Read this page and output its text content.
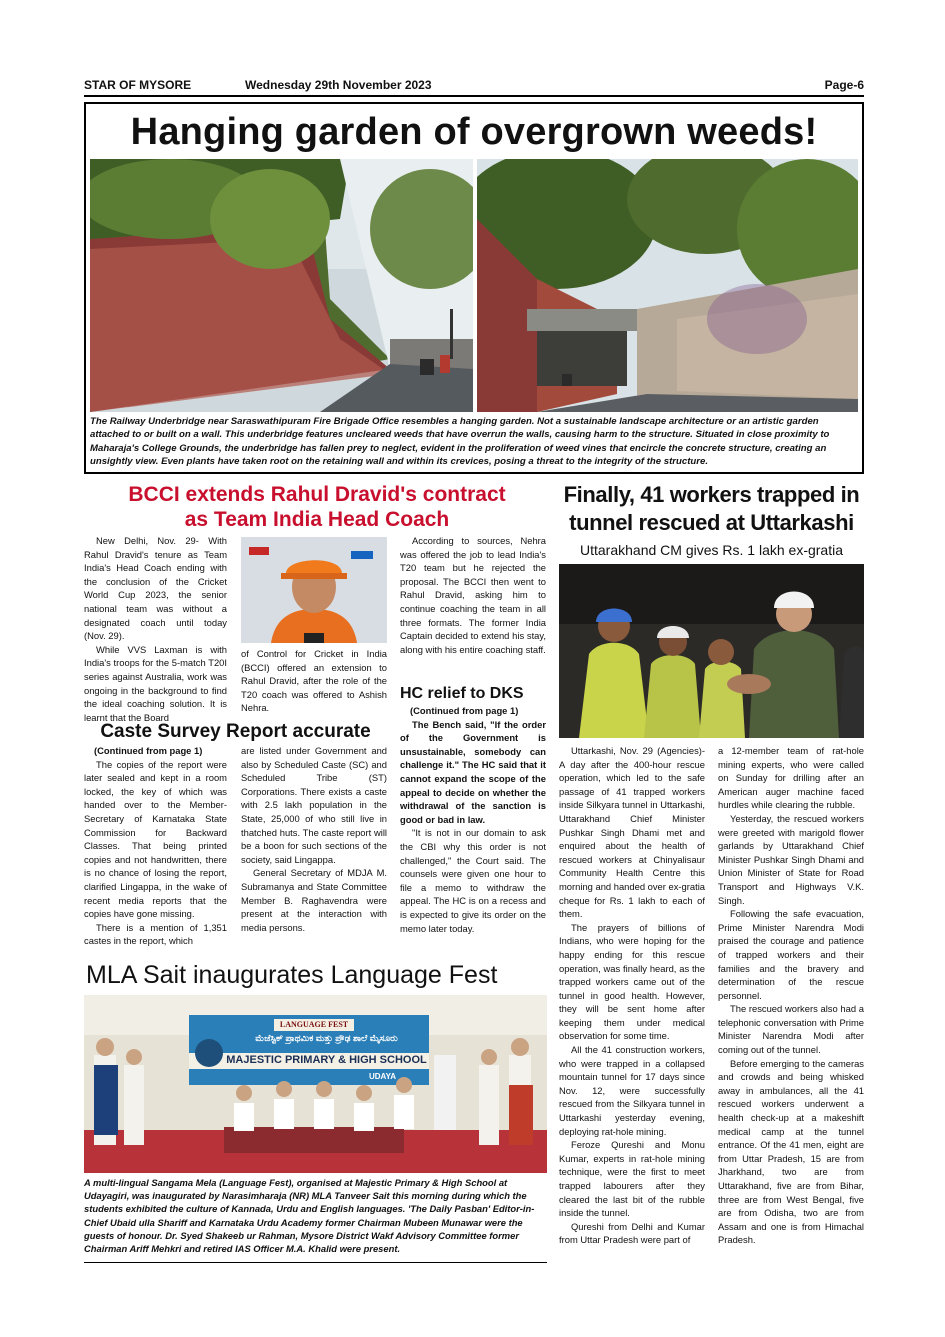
STAR OF MYSORE	Wednesday 29th November 2023	Page-6
Hanging garden of overgrown weeds!
The Railway Underbridge near Saraswathipuram Fire Brigade Office resembles a hanging garden. Not a sustainable landscape architecture or an artistic garden attached to or built on a wall. This underbridge features uncleared weeds that have overrun the walls, causing harm to the structure. Situated in close proximity to Maharaja's College Grounds, the underbridge has fallen prey to neglect, evident in the proliferation of weed vines that encircle the concrete structure, creating an unsightly view. Even plants have taken root on the retaining wall and within its crevices, posing a threat to the integrity of the structure.
BCCI extends Rahul Dravid's contract
as Team India Head Coach

New Delhi, Nov. 29- With Rahul Dravid's tenure as Team India's Head Coach ending with the conclusion of the Cricket World Cup 2023, the senior national team was without a designated coach until today (Nov. 29).

While VVS Laxman is with India's troops for the 5-match T20I series against Australia, work was ongoing in the background to find the ideal coaching solution. It is learnt that the Board

of Control for Cricket in India (BCCI) offered an extension to Rahul Dravid, after the role of the T20 coach was offered to Ashish Nehra.

According to sources, Nehra was offered the job to lead India's T20 team but he rejected the proposal. The BCCI then went to Rahul Dravid, asking him to continue coaching the team in all three formats. The former India Captain decided to extend his stay, along with his entire coaching staff.

Caste Survey Report accurate

(Continued from page 1)

The copies of the report were later sealed and kept in a room locked, the key of which was handed over to the Member-Secretary of Karnataka State Commission for Backward Classes. That being printed copies and not handwritten, there is no chance of losing the report, clarified Lingappa, in the wake of recent media reports that the copies have gone missing.

There is a mention of 1,351 castes in the report, which

are listed under Government and also by Scheduled Caste (SC) and Scheduled Tribe (ST) Corporations. There exists a caste with 2.5 lakh population in the State, 25,000 of who still live in thatched huts. The caste report will be a boon for such sections of the society, said Lingappa.

General Secretary of MDJA M. Subramanya and State Committee Member B. Raghavendra were present at the interaction with media persons.

HC relief to DKS

(Continued from page 1)

The Bench said, "If the order of the Government is unsustainable, somebody can challenge it." The HC said that it cannot expand the scope of the appeal to decide on whether the withdrawal of the sanction is good or bad in law.

"It is not in our domain to ask the CBI why this order is not challenged," the Court said. The counsels were given one hour to file a memo to withdraw the appeal. The HC is on a recess and is expected to give its order on the memo later today.

Finally, 41 workers trapped in
tunnel rescued at Uttarkashi
Uttarakhand CM gives Rs. 1 lakh ex-gratia

Uttarkashi, Nov. 29 (Agencies)- A day after the 400-hour rescue operation, which led to the safe passage of 41 trapped workers inside Silkyara tunnel in Uttarkashi, Uttarakhand Chief Minister Pushkar Singh Dhami met and enquired about the health of rescued workers at Chinyalisaur Community Health Centre this morning and handed over ex-gratia cheque for Rs. 1 lakh to each of them.

The prayers of billions of Indians, who were hoping for the happy ending for this rescue operation, was finally heard, as the trapped workers came out of the tunnel in good health. However, they will be sent home after keeping them under medical observation for some time.

All the 41 construction workers, who were trapped in a collapsed mountain tunnel for 17 days since Nov. 12, were successfully rescued from the Silkyara tunnel in Uttarkashi yesterday evening, deploying rat-hole mining.

Feroze Qureshi and Monu Kumar, experts in rat-hole mining technique, were the first to meet trapped labourers after they cleared the last bit of the rubble inside the tunnel.

Qureshi from Delhi and Kumar from Uttar Pradesh were part of

a 12-member team of rat-hole mining experts, who were called on Sunday for drilling after an American auger machine faced hurdles while clearing the rubble.

Yesterday, the rescued workers were greeted with marigold flower garlands by Uttarakhand Chief Minister Pushkar Singh Dhami and Union Minister of State for Road Transport and Highways V.K. Singh.

Following the safe evacuation, Prime Minister Narendra Modi praised the courage and patience of trapped workers and their families and the bravery and determination of the rescue personnel.

The rescued workers also had a telephonic conversation with Prime Minister Narendra Modi after coming out of the tunnel.

Before emerging to the cameras and crowds and being whisked away in ambulances, all the 41 rescued workers underwent a health check-up at a makeshift medical camp at the tunnel entrance. Of the 41 men, eight are from Uttar Pradesh, 15 are from Jharkhand, two are from Uttarakhand, five are from Bihar, three are from West Bengal, five are from Odisha, two are from Assam and one is from Himachal Pradesh.

MLA Sait inaugurates Language Fest
LANGUAGE FEST
ಮೆಜೆಸ್ಟಿಕ್ ಪ್ರಾಥಮಿಕ ಮತ್ತು ಪ್ರೌಢ ಶಾಲೆ ಮೈಸೂರು
MAJESTIC PRIMARY & HIGH SCHOOL
UDAYA
A multi-lingual Sangama Mela (Language Fest), organised at Majestic Primary & High School at Udayagiri, was inaugurated by Narasimharaja (NR) MLA Tanveer Sait this morning during which the students exhibited the culture of Kannada, Urdu and English languages. 'The Daily Pasban' Editor-in-Chief Ubaid ulla Shariff and Karnataka Urdu Academy former Chairman Mubeen Munawar were the guests of honour. Dr. Syed Shakeeb ur Rahman, Mysore District Wakf Advisory Committee former Chairman Ariff Mehkri and retired IAS Officer M.A. Khalid were present.
